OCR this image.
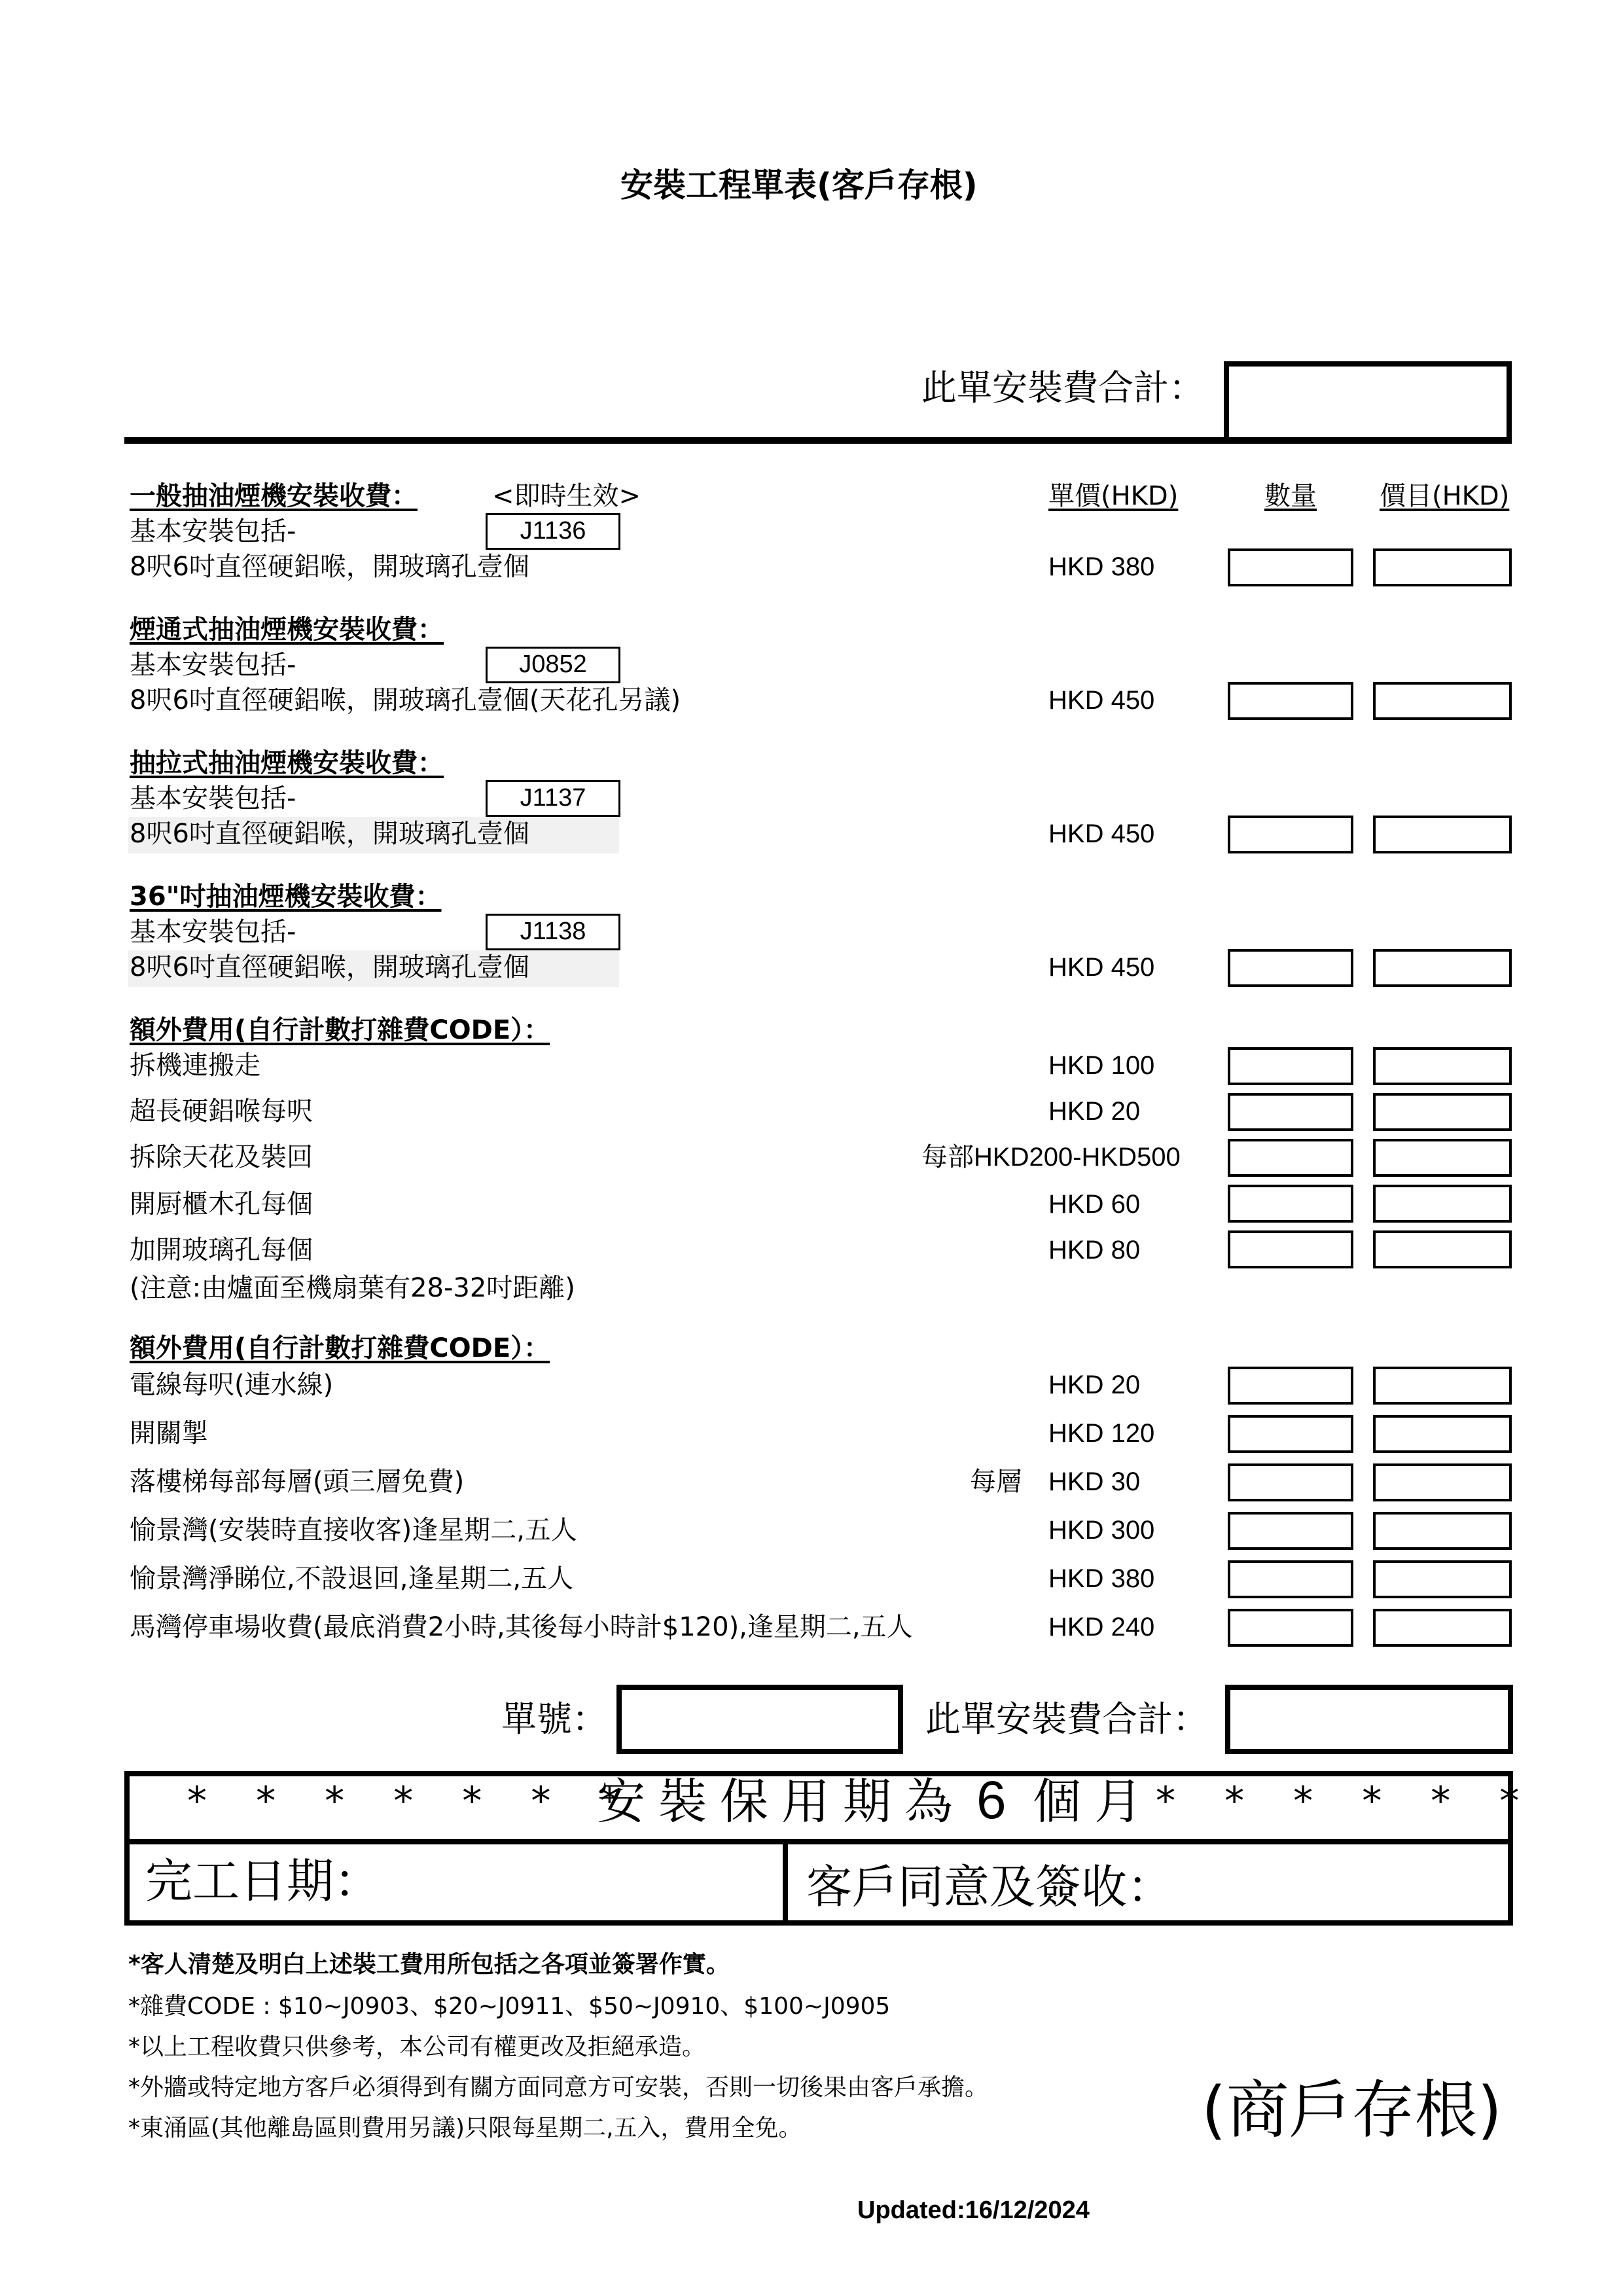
安裝工程單表(客戶存根)
此單安裝費合計：
單價(HKD)	數量 價目(HKD)
<即時生效>
一般抽油煙機安裝收費：
基本安裝包括-	J1136
8呎6吋直徑硬鋁喉，開玻璃孔壹個	HKD 380
煙通式抽油煙機安裝收費：
基本安裝包括-	J0852
8呎6吋直徑硬鋁喉，開玻璃孔壹個(天花孔另議)	HKD 450
抽拉式抽油煙機安裝收費：
基本安裝包括-	J1137
8呎6吋直徑硬鋁喉，開玻璃孔壹個	HKD 450
36"吋抽油煙機安裝收費：
基本安裝包括-	J1138
8呎6吋直徑硬鋁喉，開玻璃孔壹個	HKD 450
額外費用(自行計數打雜費CODE）：
拆機連搬走	HKD 100
超長硬鋁喉每呎	HKD 20
拆除天花及裝回	每部HKD200-HKD500
開厨櫃木孔每個	HKD 60
加開玻璃孔每個	HKD 80
(注意:由爐面至機扇葉有28-32吋距離)
額外費用(自行計數打雜費CODE）：
電線每呎(連水線)	HKD 20
開關掣	HKD 120
落樓梯每部每層(頭三層免費)	每層 HKD 30
愉景灣(安裝時直接收客)逢星期二,五人	HKD 300
愉景灣淨睇位,不設退回,逢星期二,五人	HKD 380
馬灣停車場收費(最底消費2小時,其後每小時計$120),逢星期二,五人	HKD 240
單號：	此單安裝費合計：
* * * * * * *
安裝保用期為 6 個月 * * * * * *
完工日期：	客戶同意及簽收：
*客人清楚及明白上述裝工費用所包括之各項並簽署作實。
*雜費CODE : $10~J0903、$20~J0911、$50~J0910、$100~J0905
*以上工程收費只供參考，本公司有權更改及拒絕承造。
*外牆或特定地方客戶必須得到有關方面同意方可安裝，否則一切後果由客戶承擔。
*東涌區(其他離島區則費用另議)只限每星期二,五入，費用全免。	(商戶存根)
Updated:16/12/2024
